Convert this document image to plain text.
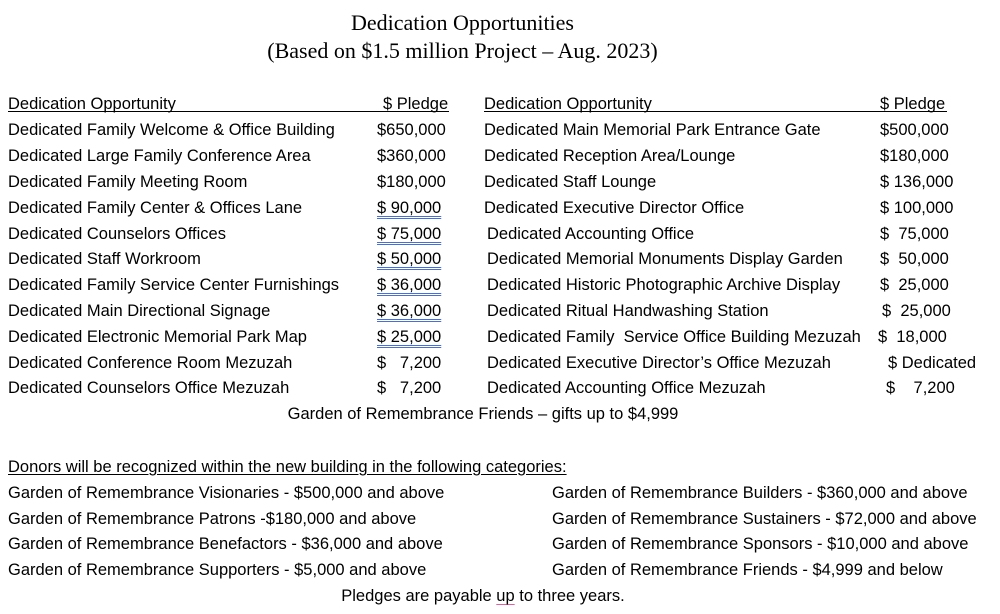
Dedication Opportunities
(Based on $1.5 million Project – Aug. 2023)
Dedication Opportunity	$ Pledge Dedication Opportunity	$ Pledge
Dedicated Family Welcome & Office Building	$650,000
Dedicated Large Family Conference Area	$360,000
Dedicated Family Meeting Room	$180,000
Dedicated Family Center & Offices Lane	$ 90,000
Dedicated Counselors Offices	$ 75,000
Dedicated Staff Workroom	$ 50,000
Dedicated Family Service Center Furnishings $ 36,000
Dedicated Main Directional Signage	$ 36,000
Dedicated Electronic Memorial Park Map	$ 25,000
Dedicated Conference Room Mezuzah	$   7,200
Dedicated Counselors Office Mezuzah	$   7,200
Dedicated Main Memorial Park Entrance Gate	$500,000
Dedicated Reception Area/Lounge	$180,000
Dedicated Staff Lounge	$ 136,000
Dedicated Executive Director Office	$ 100,000
Dedicated Accounting Office	$  75,000
Dedicated Memorial Monuments Display Garden $  50,000
Dedicated Historic Photographic Archive Display $  25,000
Dedicated Ritual Handwashing Station	$  25,000
Dedicated Family  Service Office Building Mezuzah $  18,000
Dedicated Executive Director’s Office Mezuzah	$ Dedicated
Dedicated Accounting Office Mezuzah	$    7,200
Garden of Remembrance Friends – gifts up to $4,999
Donors will be recognized within the new building in the following categories:
Garden of Remembrance Visionaries - $500,000 and above
Garden of Remembrance Patrons -$180,000 and above
Garden of Remembrance Benefactors - $36,000 and above
Garden of Remembrance Supporters - $5,000 and above
Garden of Remembrance Builders - $360,000 and above
Garden of Remembrance Sustainers - $72,000 and above
Garden of Remembrance Sponsors - $10,000 and above
Garden of Remembrance Friends - $4,999 and below
Pledges are payable up to three years.
